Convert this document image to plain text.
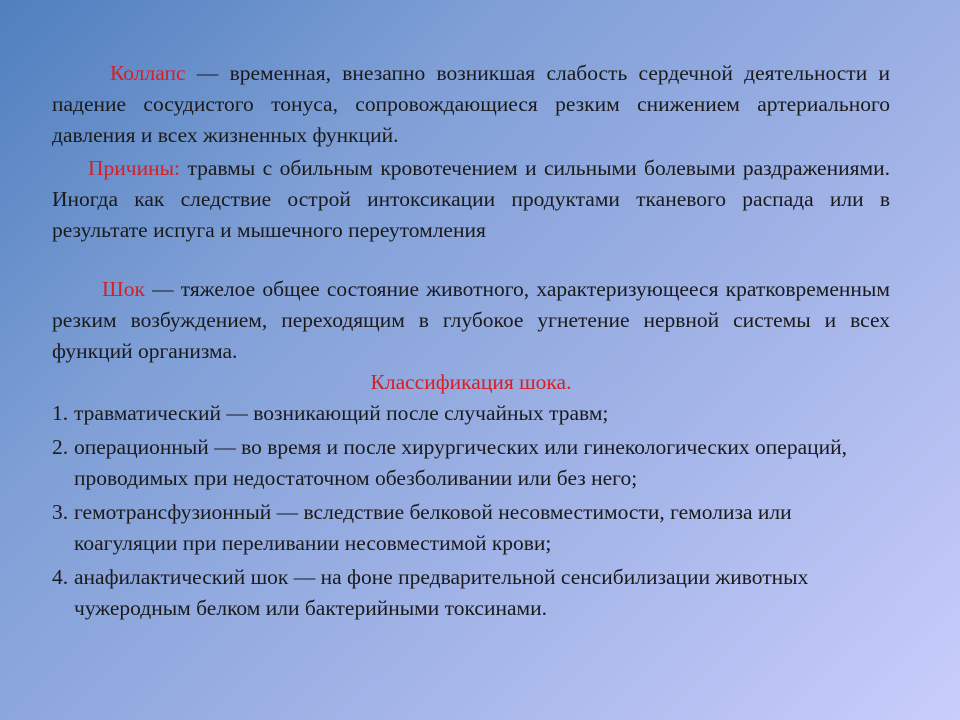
Коллапс — временная, внезапно возникшая слабость сердечной деятельности и падение сосудистого тонуса, сопровождающиеся резким снижением артериального давления и всех жизненных функций.

Причины: травмы с обильным кровотечением и сильными болевыми раздражениями. Иногда как следствие острой интоксикации продуктами тканевого распада или в результате испуга и мышечного переутомления

Шок — тяжелое общее состояние животного, характеризующееся кратковременным резким возбуждением, переходящим в глубокое угнетение нервной системы и всех функций организма.

Классификация шока.

1. травматический — возникающий после случайных травм;
2. операционный — во время и после хирургических или гинекологических операций, проводимых при недостаточном обезболивании или без него;
3. гемотрансфузионный — вследствие белковой несовместимости, гемолиза или коагуляции при переливании несовместимой крови;
4. анафилактический шок — на фоне предварительной сенсибилизации животных чужеродным белком или бактерийными токсинами.
